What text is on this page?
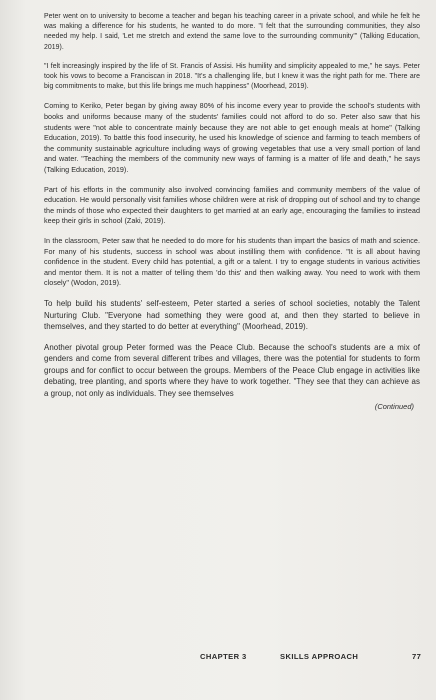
Peter went on to university to become a teacher and began his teaching career in a private school, and while he felt he was making a difference for his students, he wanted to do more. "I felt that the surrounding communities, they also needed my help. I said, 'Let me stretch and extend the same love to the surrounding community'" (Talking Education, 2019).

"I felt increasingly inspired by the life of St. Francis of Assisi. His humility and simplicity appealed to me," he says. Peter took his vows to become a Franciscan in 2018. "It's a challenging life, but I knew it was the right path for me. There are big commitments to make, but this life brings me much happiness" (Moorhead, 2019).

Coming to Keriko, Peter began by giving away 80% of his income every year to provide the school's students with books and uniforms because many of the students' families could not afford to do so. Peter also saw that his students were "not able to concentrate mainly because they are not able to get enough meals at home" (Talking Education, 2019). To battle this food insecurity, he used his knowledge of science and farming to teach members of the community sustainable agriculture including ways of growing vegetables that use a very small portion of land and water. "Teaching the members of the community new ways of farming is a matter of life and death," he says (Talking Education, 2019).

Part of his efforts in the community also involved convincing families and community members of the value of education. He would personally visit families whose children were at risk of dropping out of school and try to change the minds of those who expected their daughters to get married at an early age, encouraging the families to instead keep their girls in school (Zaki, 2019).

In the classroom, Peter saw that he needed to do more for his students than impart the basics of math and science. For many of his students, success in school was about instilling them with confidence. "It is all about having confidence in the student. Every child has potential, a gift or a talent. I try to engage students in various activities and mentor them. It is not a matter of telling them 'do this' and then walking away. You need to work with them closely" (Wodon, 2019).

To help build his students' self-esteem, Peter started a series of school societies, notably the Talent Nurturing Club. "Everyone had something they were good at, and then they started to believe in themselves, and they started to do better at everything" (Moorhead, 2019).

Another pivotal group Peter formed was the Peace Club. Because the school's students are a mix of genders and come from several different tribes and villages, there was the potential for students to form groups and for conflict to occur between the groups. Members of the Peace Club engage in activities like debating, tree planting, and sports where they have to work together. "They see that they can achieve as a group, not only as individuals. They see themselves

(Continued)
CHAPTER 3	SKILLS APPROACH	77
